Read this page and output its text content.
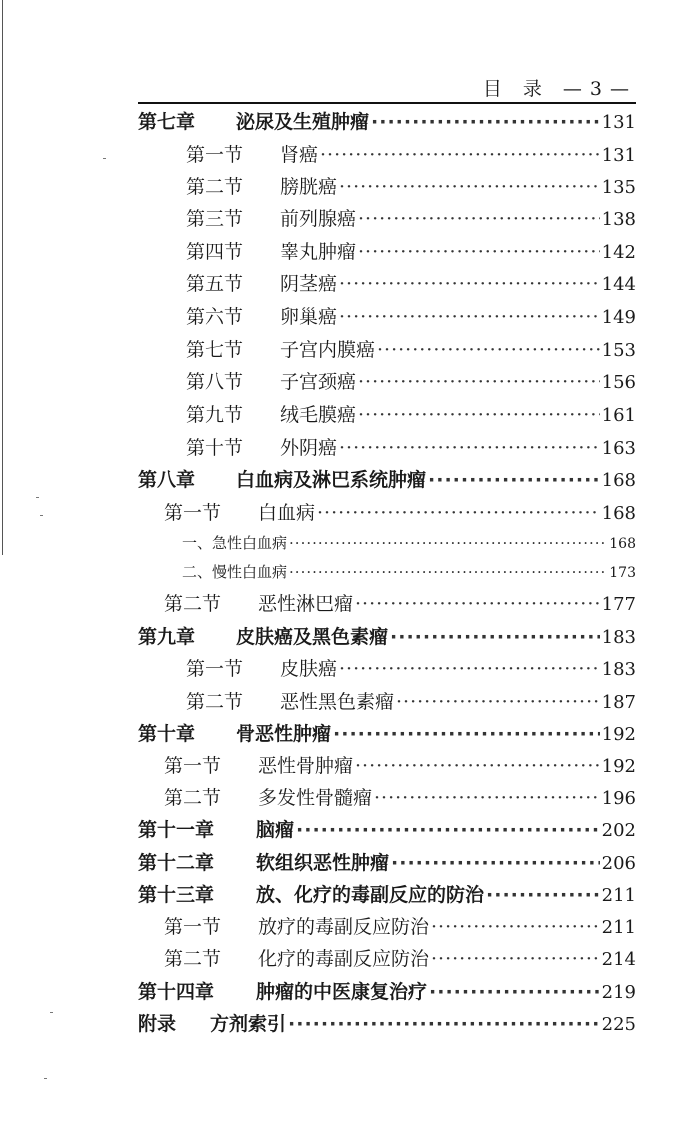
目　录　— 3 —
第七章	泌尿及生殖肿瘤 ·····	131
第一节	肾癌 ·····	131
第二节	膀胱癌 ·····	135
第三节	前列腺癌 ·····	138
第四节	睾丸肿瘤 ·····	142
第五节	阴茎癌 ·····	144
第六节	卵巢癌 ·····	149
第七节	子宫内膜癌 ·····	153
第八节	子宫颈癌 ·····	156
第九节	绒毛膜癌 ·····	161
第十节	外阴癌 ·····	163
第八章	白血病及淋巴系统肿瘤 ·····	168
第一节	白血病 ·····	168
一、 急性白血病 ·····	168
二、 慢性白血病 ·····	173
第二节	恶性淋巴瘤 ·····	177
第九章	皮肤癌及黑色素瘤 ·····	183
第一节	皮肤癌 ·····	183
第二节	恶性黑色素瘤 ·····	187
第十章	骨恶性肿瘤 ·····	192
第一节	恶性骨肿瘤 ·····	192
第二节	多发性骨髓瘤 ·····	196
第十一章	脑瘤 ·····	202
第十二章	软组织恶性肿瘤 ·····	206
第十三章	放、化疗的毒副反应的防治 ·····	211
第一节	放疗的毒副反应防治 ·····	211
第二节	化疗的毒副反应防治 ·····	214
第十四章	肿瘤的中医康复治疗 ·····	219
附录	方剂索引 ·····	225
